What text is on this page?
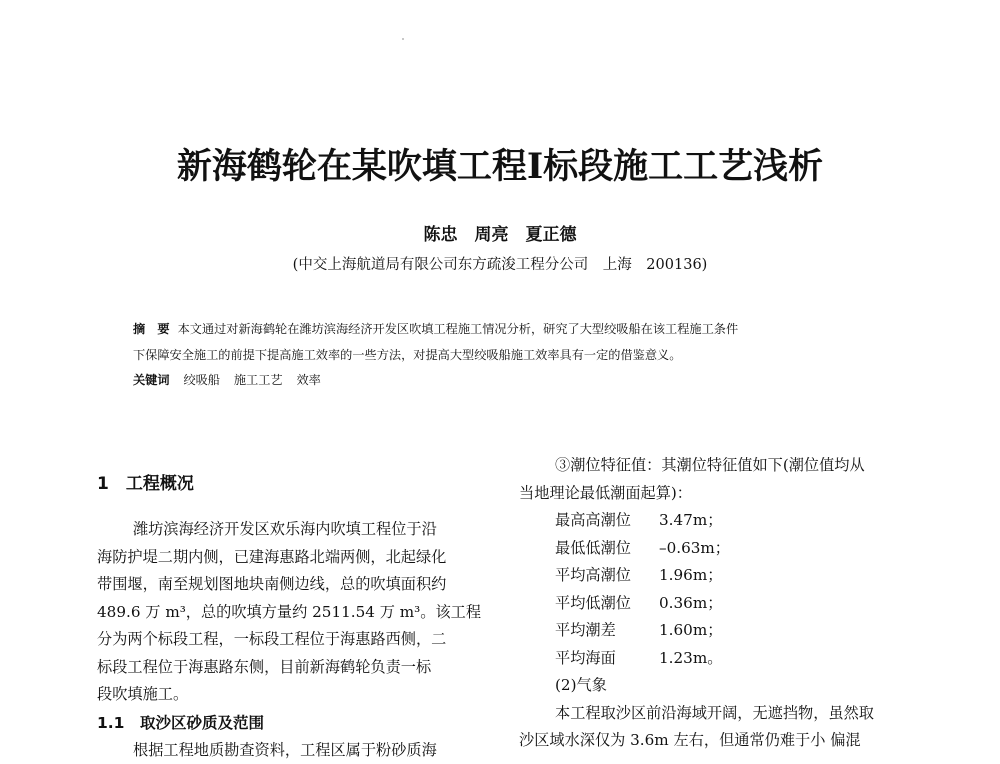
新海鹤轮在某吹填工程Ⅰ标段施工工艺浅析
陈忠　周亮　夏正德
(中交上海航道局有限公司东方疏浚工程分公司　上海　200136)

摘　要 本文通过对新海鹤轮在潍坊滨海经济开发区吹填工程施工情况分析，研究了大型绞吸船在该工程施工条件

下保障安全施工的前提下提高施工效率的一些方法，对提高大型绞吸船施工效率具有一定的借鉴意义。

关键词 绞吸船 施工工艺 效率
1　工程概况
潍坊滨海经济开发区欢乐海内吹填工程位于沿
海防护堤二期内侧，已建海惠路北端两侧，北起绿化
带围堰，南至规划图地块南侧边线，总的吹填面积约
489.6 万 m³，总的吹填方量约 2511.54 万 m³。该工程
分为两个标段工程，一标段工程位于海惠路西侧，二
标段工程位于海惠路东侧，目前新海鹤轮负责一标
段吹填施工。
1.1　取沙区砂质及范围
根据工程地质勘查资料，工程区属于粉砂质海
③潮位特征值：其潮位特征值如下(潮位值均从
当地理论最低潮面起算)：
最高高潮位	3.47m；
最低低潮位	–0.63m；
平均高潮位	1.96m；
平均低潮位	0.36m；
平均潮差	1.60m；
平均海面	1.23m。
(2)气象
本工程取沙区前沿海域开阔，无遮挡物，虽然取
沙区域水深仅为 3.6m 左右，但通常仍难于小 偏混
